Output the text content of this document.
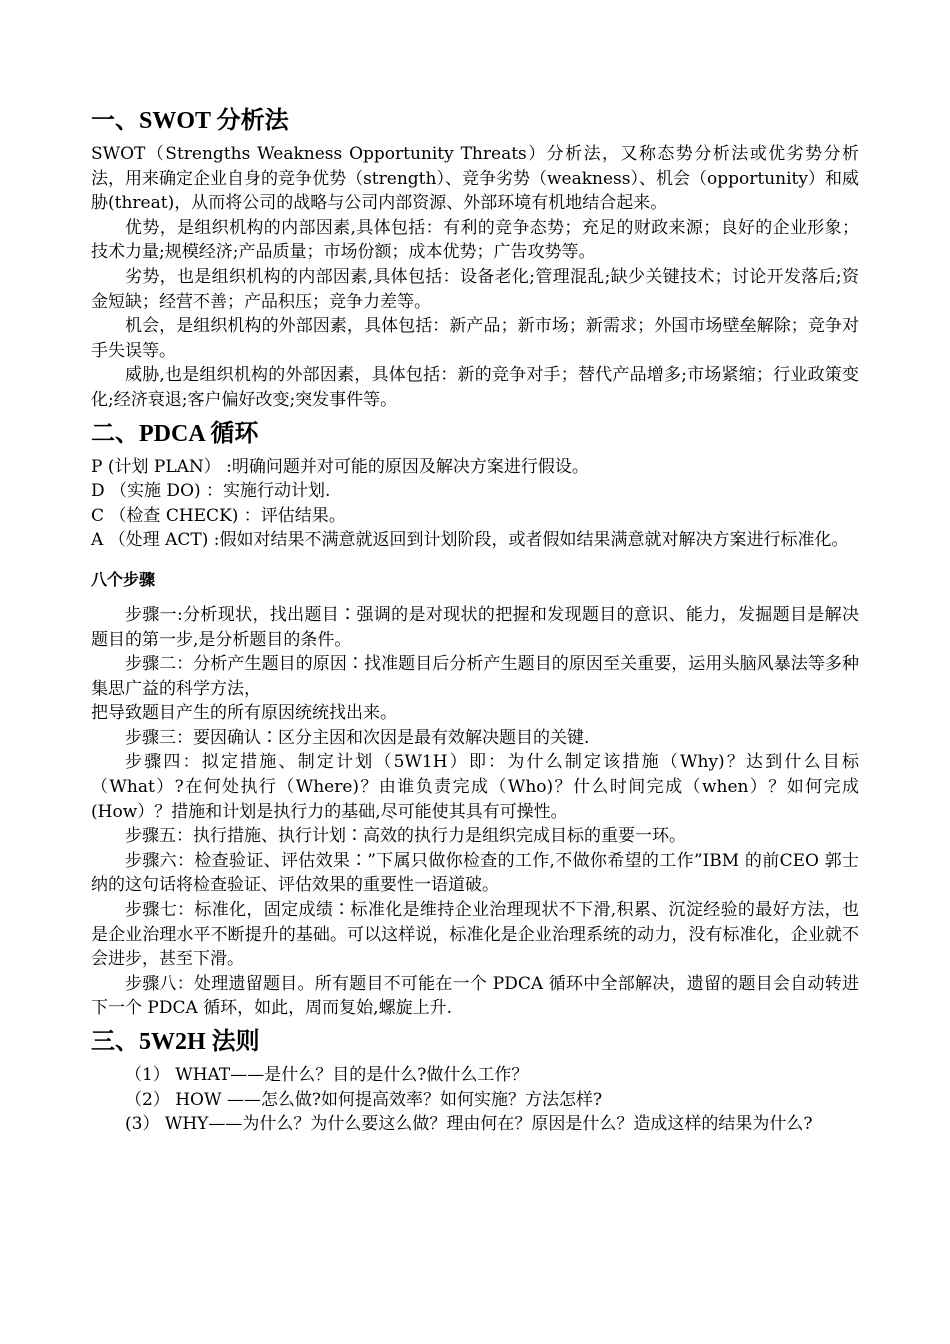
一、SWOT 分析法

SWOT（Strengths Weakness Opportunity Threats）分析法，又称态势分析法或优劣势分析法，用来确定企业自身的竞争优势（strength）、竞争劣势（weakness）、机会（opportunity）和威胁(threat)，从而将公司的战略与公司内部资源、外部环境有机地结合起来。

优势，是组织机构的内部因素,具体包括：有利的竞争态势；充足的财政来源；良好的企业形象；技术力量;规模经济;产品质量；市场份额；成本优势；广告攻势等。

劣势，也是组织机构的内部因素,具体包括：设备老化;管理混乱;缺少关键技术；讨论开发落后;资金短缺；经营不善；产品积压；竞争力差等。

机会，是组织机构的外部因素，具体包括：新产品；新市场；新需求；外国市场壁垒解除；竞争对手失误等。

威胁,也是组织机构的外部因素，具体包括：新的竞争对手；替代产品增多;市场紧缩；行业政策变化;经济衰退;客户偏好改变;突发事件等。

二、PDCA 循环

P (计划 PLAN） :明确问题并对可能的原因及解决方案进行假设。

D （实施 DO) ：实施行动计划.

C （检查 CHECK) ：评估结果。

A （处理 ACT) :假如对结果不满意就返回到计划阶段，或者假如结果满意就对解决方案进行标准化。

八个步骤

步骤一:分析现状，找出题目∶强调的是对现状的把握和发现题目的意识、能力，发掘题目是解决题目的第一步,是分析题目的条件。

步骤二：分析产生题目的原因∶找准题目后分析产生题目的原因至关重要，运用头脑风暴法等多种集思广益的科学方法，

把导致题目产生的所有原因统统找出来。

步骤三：要因确认∶区分主因和次因是最有效解决题目的关键.

步骤四：拟定措施、制定计划（5W1H）即：为什么制定该措施（Why)？达到什么目标（What）?在何处执行（Where)？由谁负责完成（Who)？什么时间完成（when）？如何完成(How）？措施和计划是执行力的基础,尽可能使其具有可操性。

步骤五：执行措施、执行计划∶高效的执行力是组织完成目标的重要一环。

步骤六：检查验证、评估效果∶”下属只做你检查的工作,不做你希望的工作”IBM 的前CEO 郭士纳的这句话将检查验证、评估效果的重要性一语道破。

步骤七：标准化，固定成绩∶标准化是维持企业治理现状不下滑,积累、沉淀经验的最好方法，也是企业治理水平不断提升的基础。可以这样说，标准化是企业治理系统的动力，没有标准化，企业就不会进步，甚至下滑。

步骤八：处理遗留题目。所有题目不可能在一个 PDCA 循环中全部解决，遗留的题目会自动转进下一个 PDCA 循环，如此，周而复始,螺旋上升.

三、5W2H 法则

（1） WHAT——是什么？目的是什么?做什么工作？

（2） HOW ——怎么做?如何提高效率？如何实施？方法怎样?

(3） WHY——为什么？为什么要这么做？理由何在？原因是什么？造成这样的结果为什么?
